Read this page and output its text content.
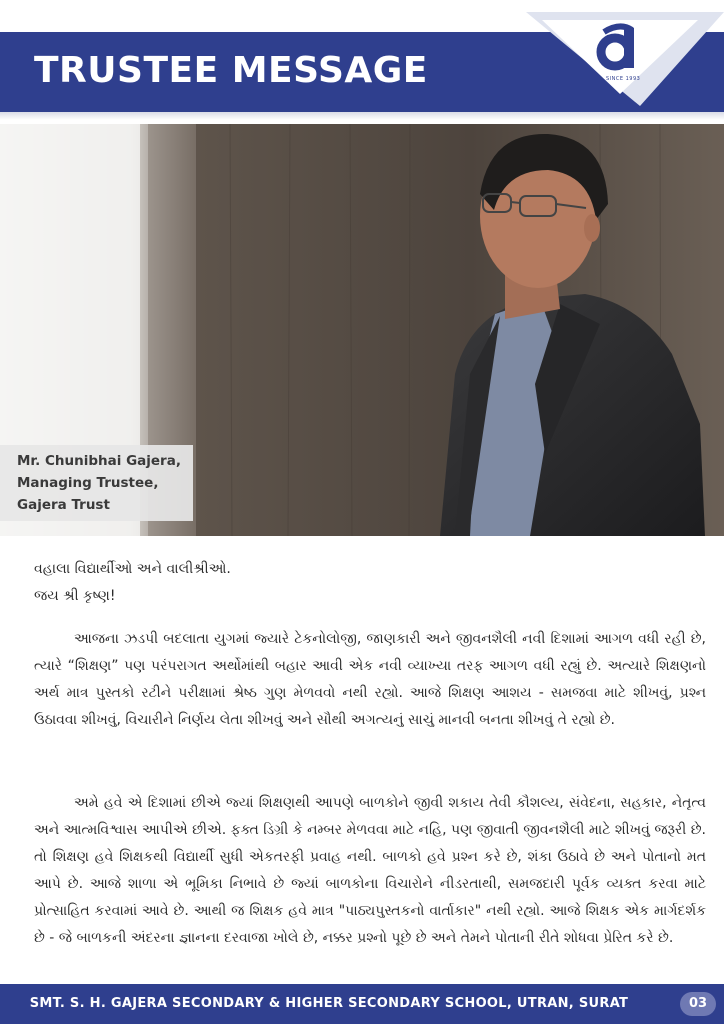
TRUSTEE MESSAGE	SINCE 1993
Mr. Chunibhai Gajera,
Managing Trustee,
Gajera Trust
વહાલા વિદ્યાર્થીઓ અને વાલીશ્રીઓ.
જય શ્રી કૃષ્ણ!

આજના ઝડપી બદલાતા યુગમાં જ્યારે ટેકનોલોજી, જાણકારી અને જીવનશૈલી નવી દિશામાં આગળ વધી રહી છે, ત્યારે “શિક્ષણ” પણ પરંપરાગત અર્થોમાંથી બહાર આવી એક નવી વ્યાખ્યા તરફ આગળ વધી રહ્યું છે. અત્યારે શિક્ષણનો અર્થ માત્ર પુસ્તકો રટીને પરીક્ષામાં શ્રેષ્ઠ ગુણ મેળવવો નથી રહ્યો. આજે શિક્ષણ આશય - સમજવા માટે શીખવું, પ્રશ્ન ઉઠાવવા શીખવું, વિચારીને નિર્ણય લેતા શીખવું અને સૌથી અગત્યનું સાચું માનવી બનતા શીખવું તે રહ્યો છે.

અમે હવે એ દિશામાં છીએ જ્યાં શિક્ષણથી આપણે બાળકોને જીવી શકાય તેવી કૌશલ્ય, સંવેદના, સહકાર, નેતૃત્વ અને આત્મવિશ્વાસ આપીએ છીએ. ફક્ત ડિગ્રી કે નમ્બર મેળવવા માટે નહિ, પણ જીવાતી જીવનશૈલી માટે શીખવું જરૂરી છે. તો શિક્ષણ હવે શિક્ષકથી વિદ્યાર્થી સુધી એકતરફી પ્રવાહ નથી. બાળકો હવે પ્રશ્ન કરે છે, શંકા ઉઠાવે છે અને પોતાનો મત આપે છે. આજે શાળા એ ભૂમિકા નિભાવે છે જ્યાં બાળકોના વિચારોને નીડરતાથી, સમજદારી પૂર્વક વ્યક્ત કરવા માટે પ્રોત્સાહિત કરવામાં આવે છે. આથી જ શિક્ષક હવે માત્ર "પાઠ્યપુસ્તકનો વાર્તાકાર" નથી રહ્યો. આજે શિક્ષક એક માર્ગદર્શક છે - જે બાળકની અંદરના જ્ઞાનના દરવાજા ખોલે છે, નક્કર પ્રશ્નો પૂછે છે અને તેમને પોતાની રીતે શોધવા પ્રેરિત કરે છે.

SMT. S. H. GAJERA SECONDARY & HIGHER SECONDARY SCHOOL, UTRAN, SURAT	03
